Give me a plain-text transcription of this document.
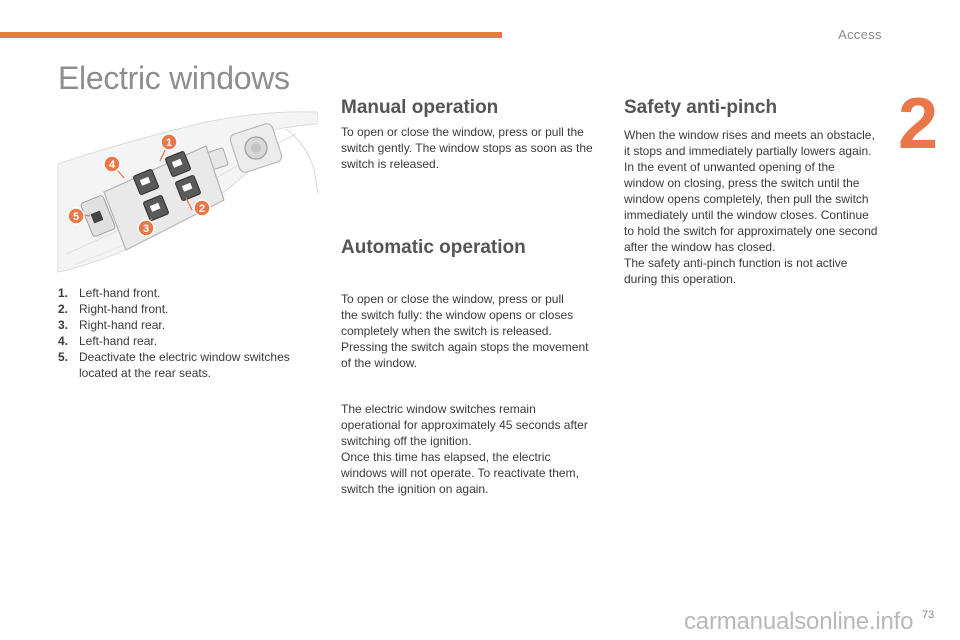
Access
2
Electric windows
1
2
3
4
5
1. Left-hand front.
2. Right-hand front.
3. Right-hand rear.
4. Left-hand rear.
5. Deactivate the electric window switches located at the rear seats.
Manual operation

To open or close the window, press or pull the
switch gently. The window stops as soon as the
switch is released.

Automatic operation

To open or close the window, press or pull
the switch fully: the window opens or closes
completely when the switch is released.
Pressing the switch again stops the movement
of the window.

The electric window switches remain
operational for approximately 45 seconds after
switching off the ignition.
Once this time has elapsed, the electric
windows will not operate. To reactivate them,
switch the ignition on again.

Safety anti-pinch

When the window rises and meets an obstacle,
it stops and immediately partially lowers again.
In the event of unwanted opening of the
window on closing, press the switch until the
window opens completely, then pull the switch
immediately until the window closes. Continue
to hold the switch for approximately one second
after the window has closed.
The safety anti-pinch function is not active
during this operation.

carmanualsonline.info 73
